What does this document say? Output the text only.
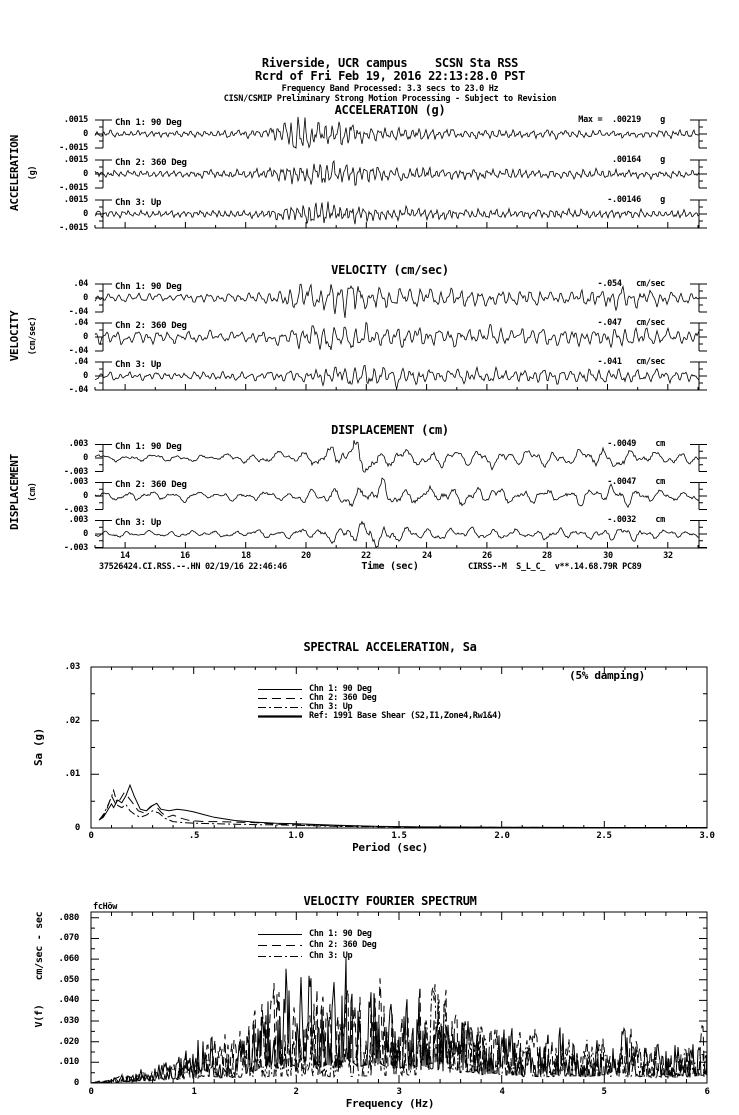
Riverside, UCR campus    SCSN Sta RSS
Rcrd of Fri Feb 19, 2016 22:13:28.0 PST
Frequency Band Processed: 3.3 secs to 23.0 Hz
CISN/CSMIP Preliminary Strong Motion Processing - Subject to Revision
ACCELERATION (g)
VELOCITY (cm/sec)
DISPLACEMENT (cm)
ACCELERATION (g)
VELOCITY (cm/sec)
DISPLACEMENT (cm)
Time (sec)
37526424.CI.RSS.--.HN 02/19/16 22:46:46	CIRSS--M  S_L_C_  v**.14.68.79R PC89
SPECTRAL ACCELERATION, Sa
(5% damping)
Sa (g)
Period (sec)
Chn 1: 90 Deg
Chn 2: 360 Deg
Chn 3: Up
Ref: 1991 Base Shear (S2,I1,Zone4,Rw1&4)
VELOCITY FOURIER SPECTRUM
fcHöw
cm/sec - sec
V(f)
Frequency (Hz)
Chn 1: 90 Deg
Chn 2: 360 Deg
Chn 3: Up
.0015
0
-.0015
Chn 1: 90 Deg	Max =  .00219    g
.0015
0
-.0015
Chn 2: 360 Deg	.00164    g
.0015
0
-.0015
Chn 3: Up	-.00146    g
.04
0
-.04
Chn 1: 90 Deg	-.054   cm/sec
.04
0
-.04
Chn 2: 360 Deg	-.047   cm/sec
.04
0
-.04
Chn 3: Up	-.041   cm/sec
.003
0
-.003
Chn 1: 90 Deg	-.0049    cm
.003
0
-.003
Chn 2: 360 Deg	-.0047    cm
.003
0
-.003
Chn 3: Up	-.0032    cm
14	16	18	20	22	24	26	28	30	32
.03
.02
.01
0
0	.5	1.0	1.5	2.0	2.5	3.0
.080
.070
.060
.050
.040
.030
.020
.010
0
0	1	2	3	4	5	6
